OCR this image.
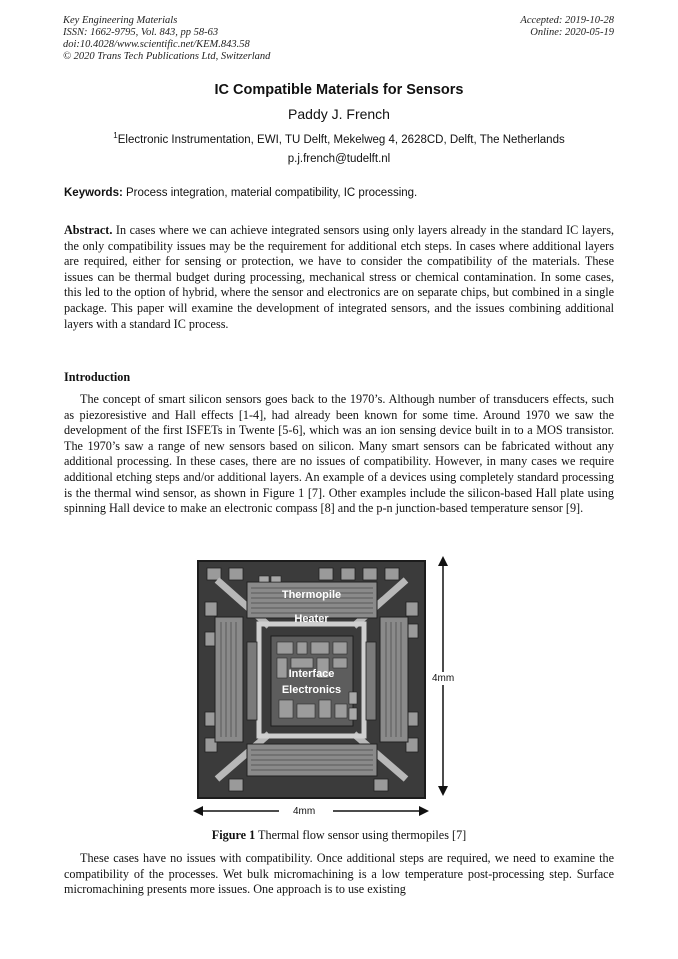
Key Engineering Materials
ISSN: 1662-9795, Vol. 843, pp 58-63
doi:10.4028/www.scientific.net/KEM.843.58
© 2020 Trans Tech Publications Ltd, Switzerland
Accepted: 2019-10-28
Online: 2020-05-19
IC Compatible Materials for Sensors
Paddy J. French
$^1$Electronic Instrumentation, EWI, TU Delft, Mekelweg 4, 2628CD, Delft, The Netherlands
p.j.french@tudelft.nl
Keywords: Process integration, material compatibility, IC processing.
Abstract. In cases where we can achieve integrated sensors using only layers already in the standard IC layers, the only compatibility issues may be the requirement for additional etch steps. In cases where additional layers are required, either for sensing or protection, we have to consider the compatibility of the materials. These issues can be thermal budget during processing, mechanical stress or chemical contamination. In some cases, this led to the option of hybrid, where the sensor and electronics are on separate chips, but combined in a single package. This paper will examine the development of integrated sensors, and the issues combining additional layers with a standard IC process.
Introduction
The concept of smart silicon sensors goes back to the 1970’s. Although number of transducers effects, such as piezoresistive and Hall effects [1-4], had already been known for some time. Around 1970 we saw the development of the first ISFETs in Twente [5-6], which was an ion sensing device built in to a MOS transistor. The 1970’s saw a range of new sensors based on silicon. Many smart sensors can be fabricated without any additional processing. In these cases, there are no issues of compatibility. However, in many cases we require additional etching steps and/or additional layers. An example of a devices using completely standard processing is the thermal wind sensor, as shown in Figure 1 [7]. Other examples include the silicon-based Hall plate using spinning Hall device to make an electronic compass [8] and the p-n junction-based temperature sensor [9].
Thermopile
Heater
Interface
Electronics
4mm
4mm
Figure 1 Thermal flow sensor using thermopiles [7]
These cases have no issues with compatibility. Once additional steps are required, we need to examine the compatibility of the processes. Wet bulk micromachining is a low temperature post-processing step. Surface micromachining presents more issues. One approach is to use existing
